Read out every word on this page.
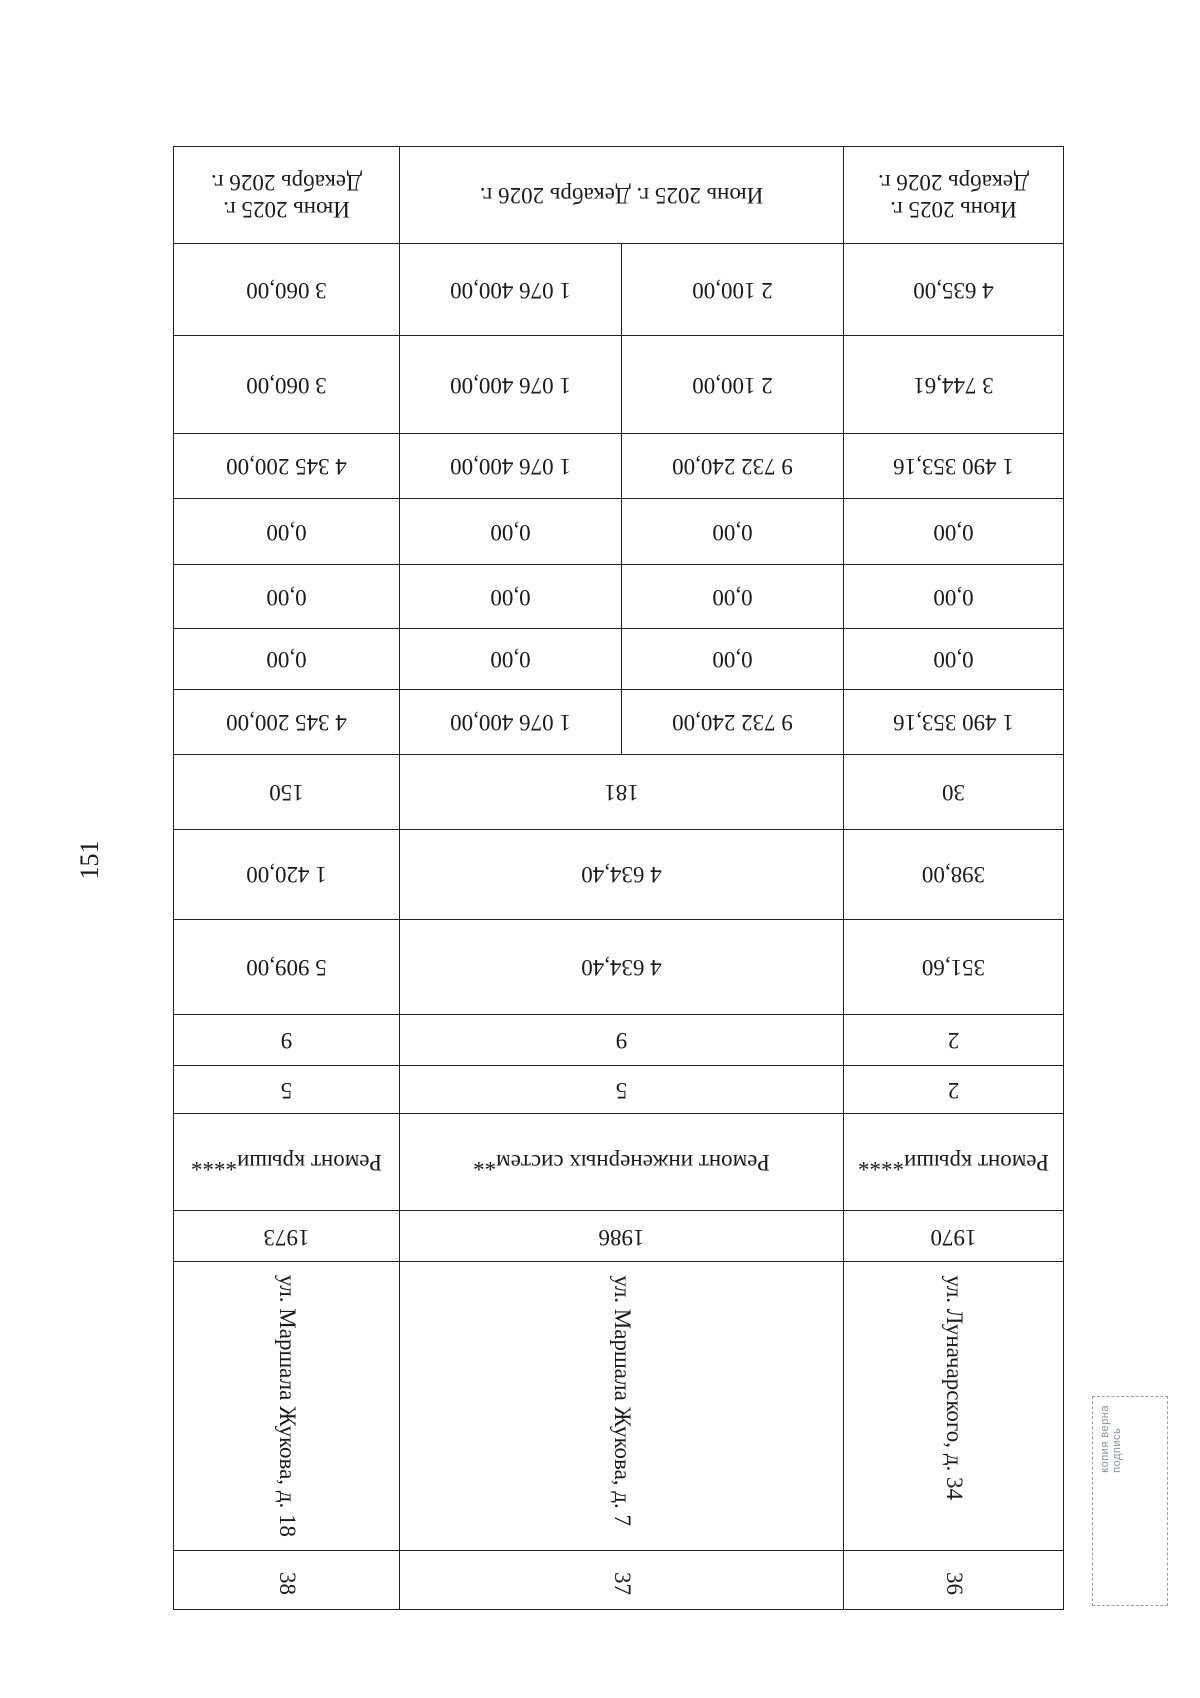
151
36	37		38
ул. Луначарского, д. 34	ул. Маршала Жукова, д. 7		ул. Маршала Жукова, д. 18
1970	1986		1973

Ремонт крыши****	Ремонт инженерных систем**		Ремонт крыши****

2	5		5
2	9		9
351,60	4 634,40		5 909,00
398,00	4 634,40		1 420,00
30	181		150
1 490 353,16	9 732 240,00	1 076 400,00	4 345 200,00
0,00	0,00	0,00	0,00
0,00	0,00	0,00	0,00
0,00	0,00	0,00	0,00
1 490 353,16	9 732 240,00	1 076 400,00	4 345 200,00
3 744,61	2 100,00	1 076 400,00	3 060,00
4 635,00	2 100,00	1 076 400,00	3 060,00

Июнь 2025 г. Декабрь 2026 г.	Июнь 2025 г. Декабрь 2026 г.		Июнь 2025 г. Декабрь 2026 г.
копия верна подпись
